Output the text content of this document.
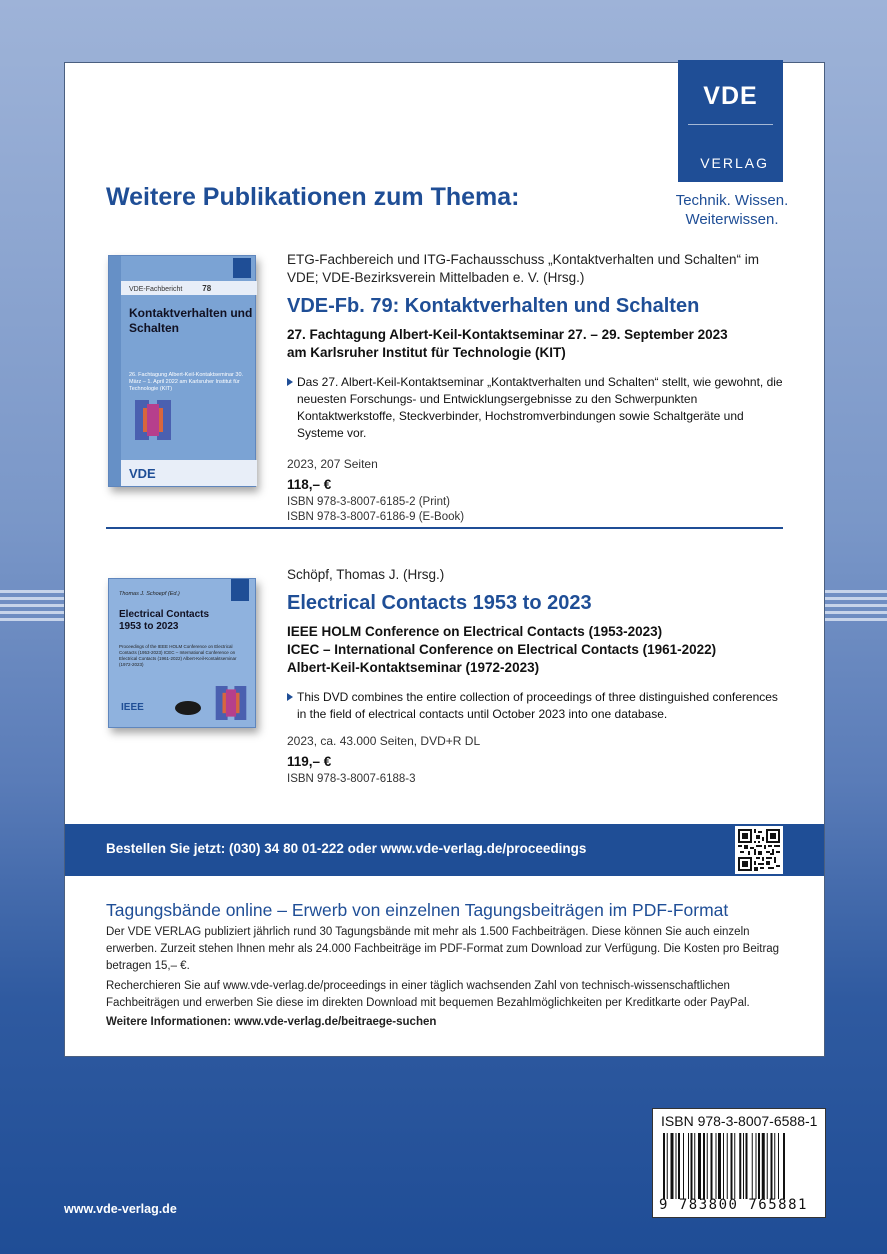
VDE
VERLAG
Technik. Wissen.
Weiterwissen.
Weitere Publikationen zum Thema:
VDE-Fachbericht	78
Kontaktverhalten und Schalten
26. Fachtagung Albert-Keil-Kontaktseminar 30. März – 1. April 2022 am Karlsruher Institut für Technologie (KIT)
VDE
ETG-Fachbereich und ITG-Fachausschuss „Kontaktverhalten und Schalten“ im VDE; VDE-Bezirksverein Mittelbaden e. V. (Hrsg.)
VDE-Fb. 79: Kontaktverhalten und Schalten
27. Fachtagung Albert-Keil-Kontaktseminar 27. – 29. September 2023
am Karlsruher Institut für Technologie (KIT)
Das 27. Albert-Keil-Kontaktseminar „Kontaktverhalten und Schalten“ stellt, wie gewohnt, die neuesten Forschungs- und Entwicklungsergebnisse zu den Schwerpunkten Kontaktwerkstoffe, Steckverbinder, Hochstromverbindungen sowie Schaltgeräte und Systeme vor.
2023, 207 Seiten
118,– €
ISBN 978-3-8007-6185-2 (Print)
ISBN 978-3-8007-6186-9 (E-Book)
Thomas J. Schoepf (Ed.)
Electrical Contacts 1953 to 2023
Proceedings of the IEEE HOLM Conference on Electrical Contacts (1953-2023) ICEC – International Conference on Electrical Contacts (1961-2022) Albert-Keil-Kontaktseminar (1972-2023)
IEEE
Schöpf, Thomas J. (Hrsg.)
Electrical Contacts 1953 to 2023
IEEE HOLM Conference on Electrical Contacts (1953-2023)
ICEC – International Conference on Electrical Contacts (1961-2022)
Albert-Keil-Kontaktseminar (1972-2023)
This DVD combines the entire collection of proceedings of three distinguished conferences in the field of electrical contacts until October 2023 into one database.
2023, ca. 43.000 Seiten, DVD+R DL
119,– €
ISBN 978-3-8007-6188-3
Bestellen Sie jetzt: (030) 34 80 01-222 oder www.vde-verlag.de/proceedings
Tagungsbände online – Erwerb von einzelnen Tagungsbeiträgen im PDF-Format
Der VDE VERLAG publiziert jährlich rund 30 Tagungsbände mit mehr als 1.500 Fachbeiträgen. Diese können Sie auch einzeln erwerben. Zurzeit stehen Ihnen mehr als 24.000 Fachbeiträge im PDF-Format zum Download zur Verfügung. Die Kosten pro Beitrag betragen 15,– €.
Recherchieren Sie auf www.vde-verlag.de/proceedings in einer täglich wachsenden Zahl von technisch-wissenschaftlichen Fachbeiträgen und erwerben Sie diese im direkten Download mit bequemen Bezahlmöglichkeiten per Kreditkarte oder PayPal.
Weitere Informationen: www.vde-verlag.de/beitraege-suchen
ISBN 978-3-8007-6588-1
9 783800 765881
www.vde-verlag.de
